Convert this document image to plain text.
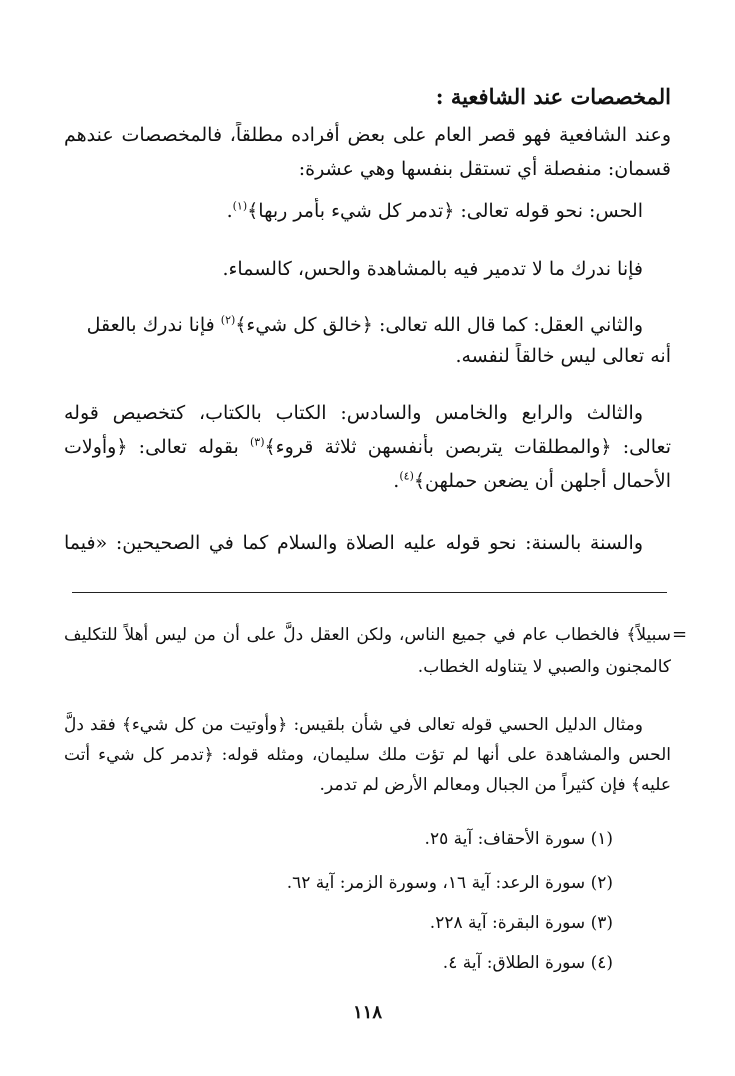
المخصصات عند الشافعية :
وعند الشافعية فهو قصر العام على بعض أفراده مطلقاً، فالمخصصات عندهم
قسمان: منفصلة أي تستقل بنفسها وهي عشرة:
الحس: نحو قوله تعالى: ﴿تدمر كل شيء بأمر ربها﴾$^{(١)}$.
فإنا ندرك ما لا تدمير فيه بالمشاهدة والحس، كالسماء.
والثاني العقل: كما قال الله تعالى: ﴿خالق كل شيء﴾$^{(٢)}$ فإنا ندرك بالعقل
أنه تعالى ليس خالقاً لنفسه.
والثالث والرابع والخامس والسادس: الكتاب بالكتاب، كتخصيص قوله
تعالى: ﴿والمطلقات يتربصن بأنفسهن ثلاثة قروء﴾$^{(٣)}$ بقوله تعالى: ﴿وأولات
الأحمال أجلهن أن يضعن حملهن﴾$^{(٤)}$.
والسنة بالسنة: نحو قوله عليه الصلاة والسلام كما في الصحيحين: «فيما
=
سبيلاً﴾ فالخطاب عام في جميع الناس، ولكن العقل دلَّ على أن من ليس أهلاً للتكليف
كالمجنون والصبي لا يتناوله الخطاب.
ومثال الدليل الحسي قوله تعالى في شأن بلقيس: ﴿وأوتيت من كل شيء﴾ فقد دلَّ
الحس والمشاهدة على أنها لم تؤت ملك سليمان، ومثله قوله: ﴿تدمر كل شيء أتت
عليه﴾ فإن كثيراً من الجبال ومعالم الأرض لم تدمر.
(١) سورة الأحقاف: آية ٢٥.
(٢) سورة الرعد: آية ١٦، وسورة الزمر: آية ٦٢.
(٣) سورة البقرة: آية ٢٢٨.
(٤) سورة الطلاق: آية ٤.
١١٨
